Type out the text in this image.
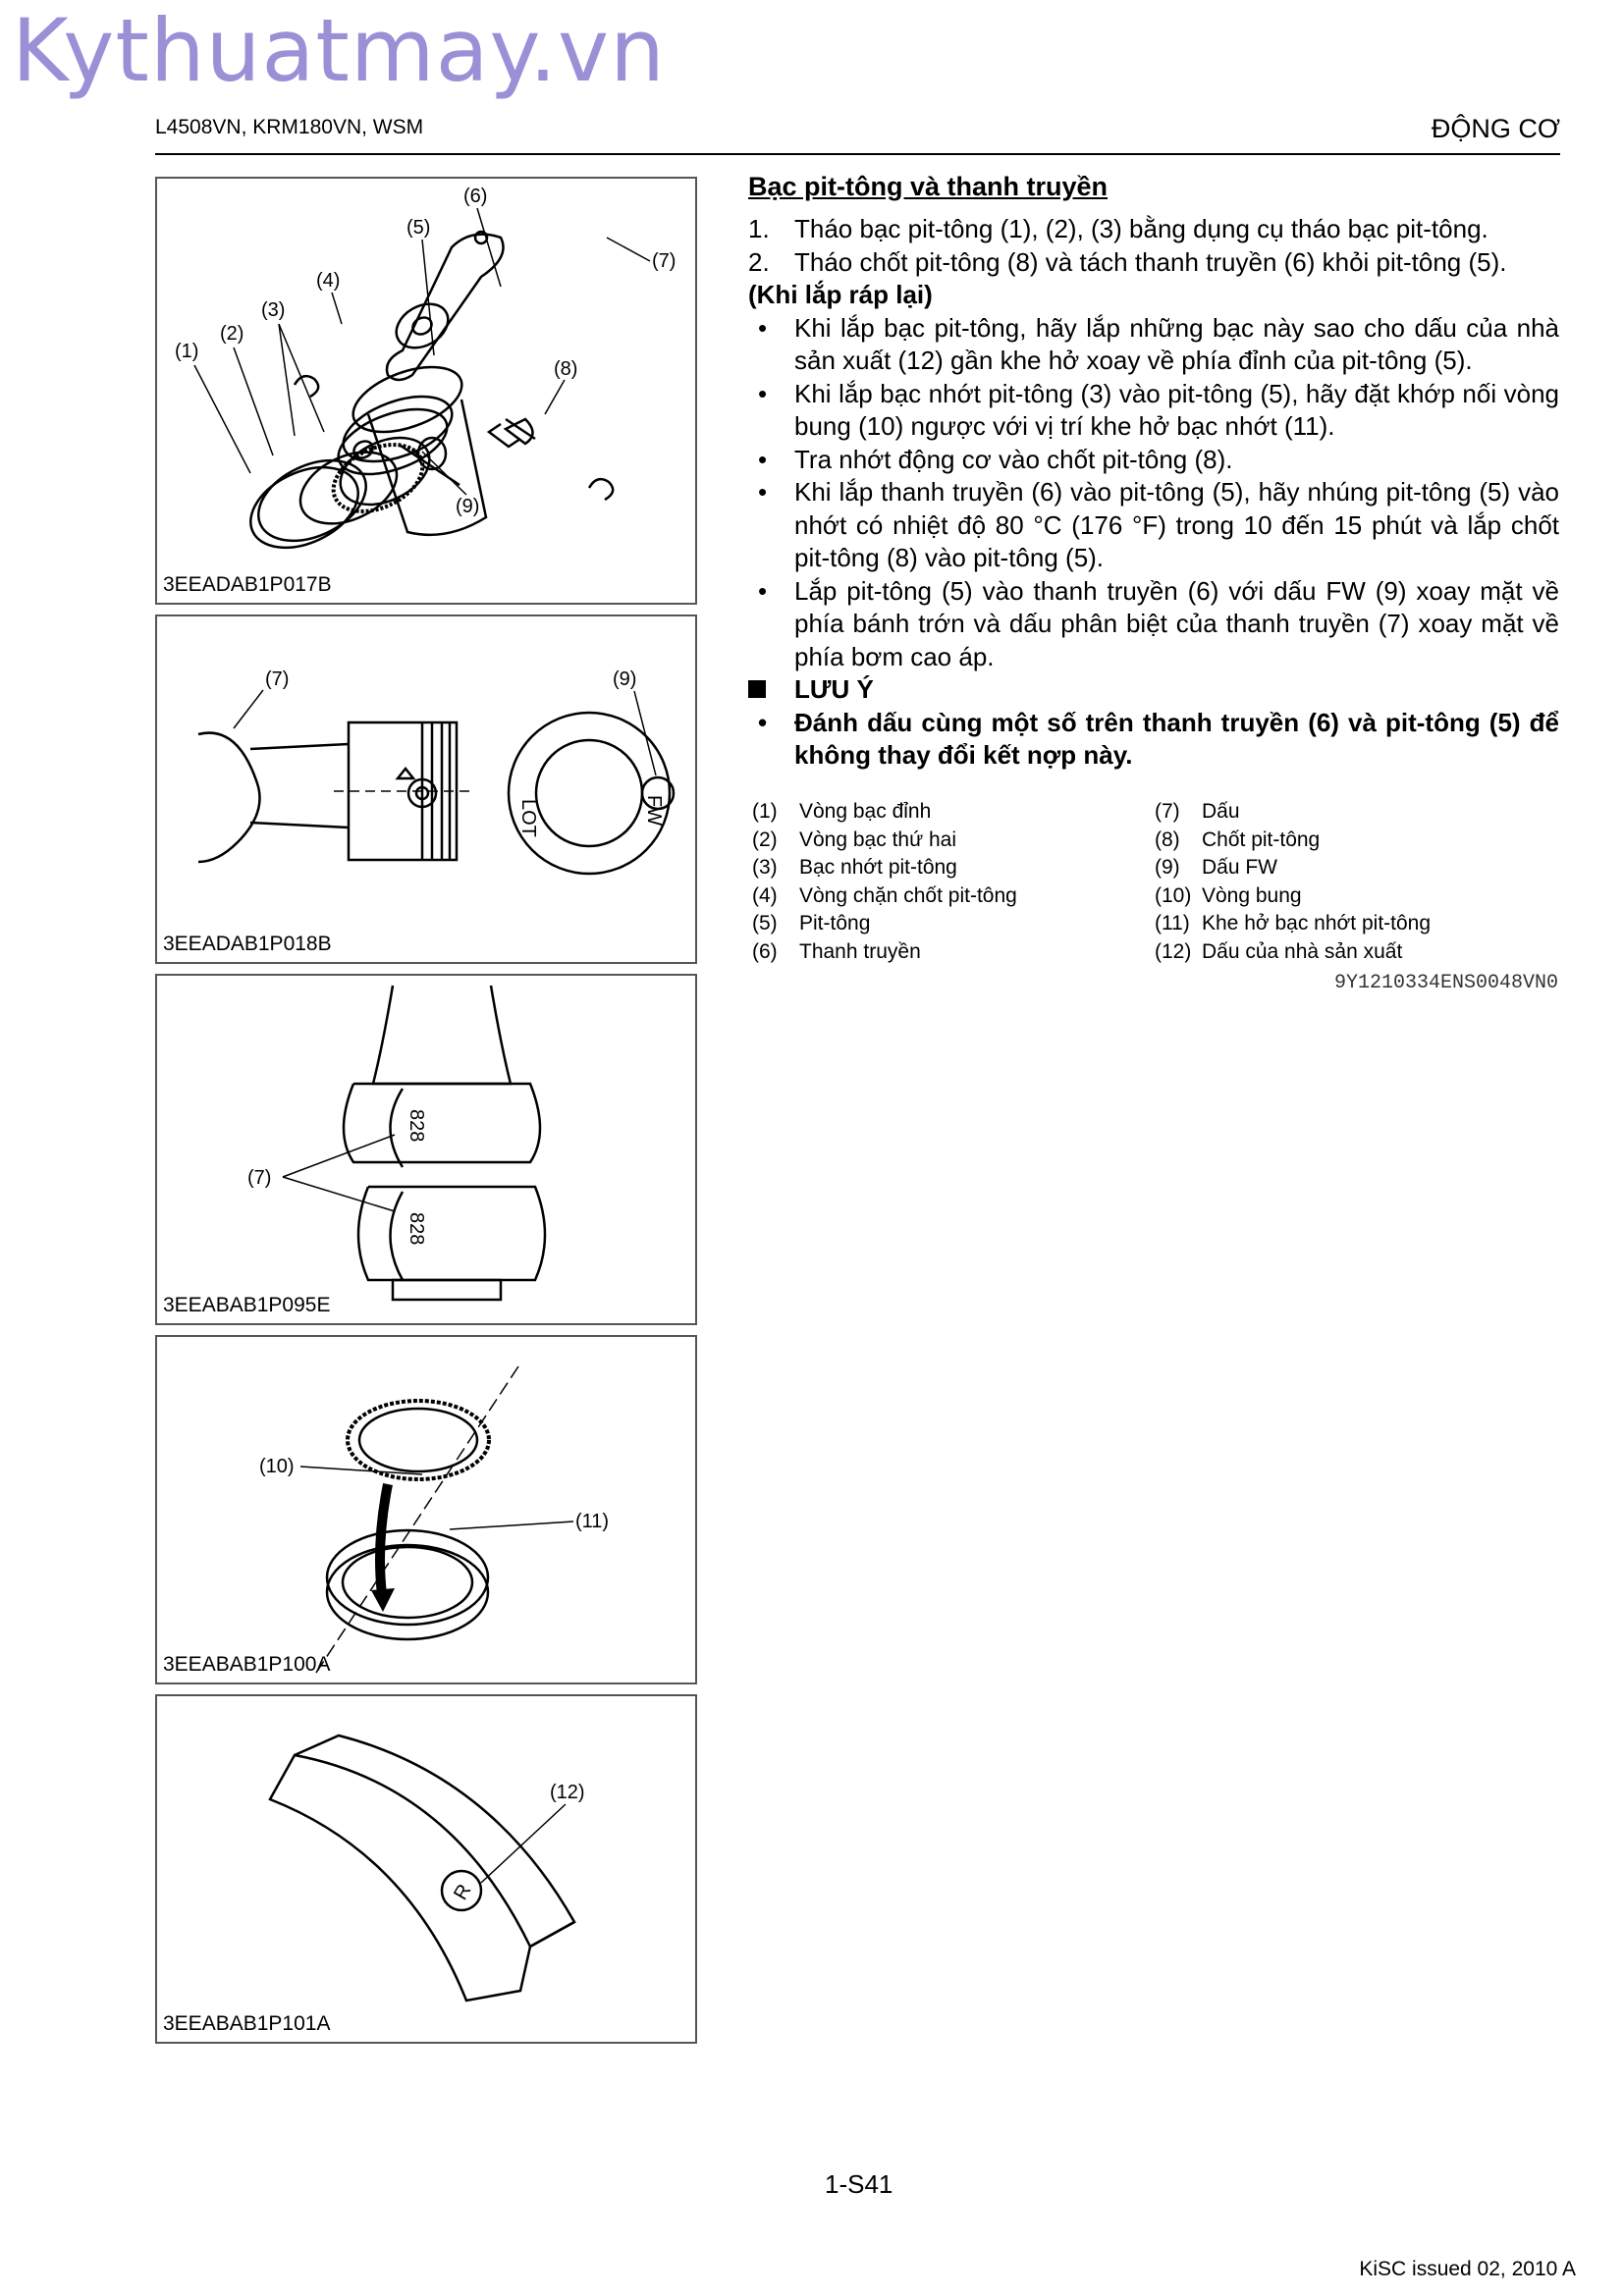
Kythuatmay.vn
L4508VN, KRM180VN, WSM	ĐỘNG CƠ
(1)
(2)
(3)
(4)
(5)
(6)
(7)
(8)
(9)
3EEADAB1P017B
(7)	(9)
LOT	FW
3EEADAB1P018B
(7)
828
828
3EEABAB1P095E
(10)
(11)
3EEABAB1P100A
R
(12)
3EEABAB1P101A
Bạc pit-tông và thanh truyền
1. Tháo bạc pit-tông (1), (2), (3) bằng dụng cụ tháo bạc pit-tông.
2. Tháo chốt pit-tông (8) và tách thanh truyền (6) khỏi pit-tông (5).
(Khi lắp ráp lại)
•	Khi lắp bạc pit-tông, hãy lắp những bạc này sao cho dấu của nhà sản xuất (12) gần khe hở xoay về phía đỉnh của pit-tông (5).
•	Khi lắp bạc nhớt pit-tông (3) vào pit-tông (5), hãy đặt khớp nối vòng bung (10) ngược với vị trí khe hở bạc nhớt (11).
•	Tra nhớt động cơ vào chốt pit-tông (8).
•	Khi lắp thanh truyền (6) vào pit-tông (5), hãy nhúng pit-tông (5) vào nhớt có nhiệt độ 80 °C (176 °F) trong 10 đến 15 phút và lắp chốt pit-tông (8) vào pit-tông (5).
•	Lắp pit-tông (5) vào thanh truyền (6) với dấu FW (9) xoay mặt về phía bánh trớn và dấu phân biệt của thanh truyền (7) xoay mặt về phía bơm cao áp.
LƯU Ý
•	Đánh dấu cùng một số trên thanh truyền (6) và pit-tông (5) để không thay đổi kết nợp này.
(1)	Vòng bạc đỉnh
(2)	Vòng bạc thứ hai
(3)	Bạc nhớt pit-tông
(4)	Vòng chặn chốt pit-tông
(5)	Pit-tông
(6)	Thanh truyền
(7)	Dấu
(8)	Chốt pit-tông
(9)	Dấu FW
(10) Vòng bung
(11) Khe hở bạc nhớt pit-tông
(12) Dấu của nhà sản xuất
9Y1210334ENS0048VN0
1-S41
KiSC issued 02, 2010 A
